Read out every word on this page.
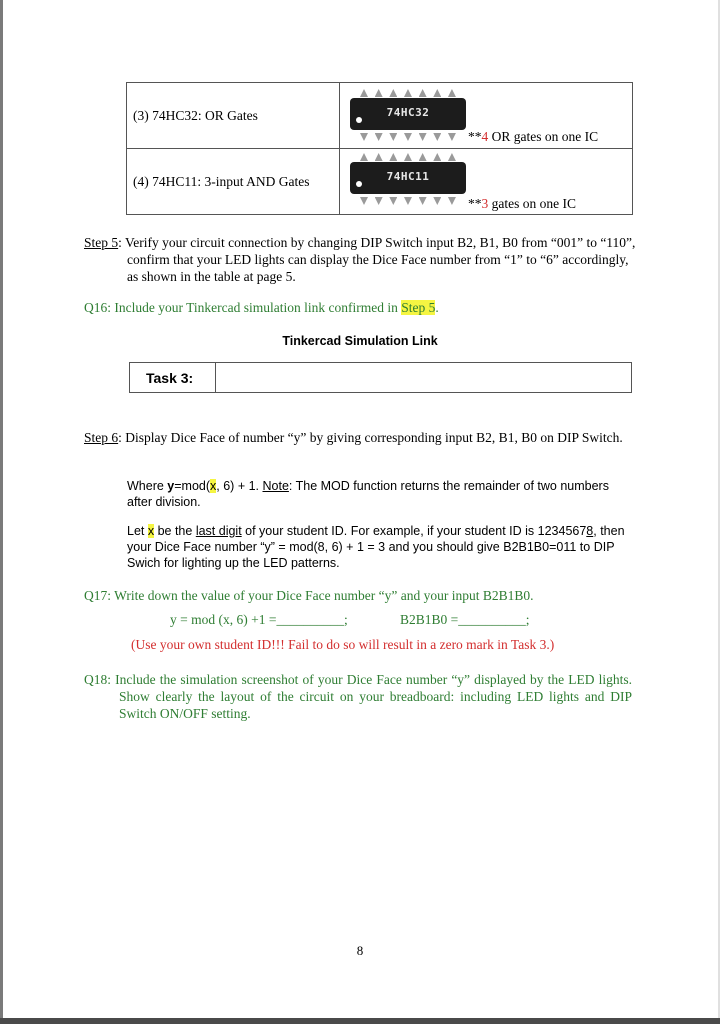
(3) 74HC32: OR Gates	74HC32
**4 OR gates on one IC

(4) 74HC11: 3-input AND Gates	74HC11
**3 gates on one IC
Step 5: Verify your circuit connection by changing DIP Switch input B2, B1, B0 from “001” to “110”, confirm that your LED lights can display the Dice Face number from “1” to “6” accordingly, as shown in the table at page 5.
Q16: Include your Tinkercad simulation link confirmed in Step 5.
Tinkercad Simulation Link
Task 3:
Step 6: Display Dice Face of number “y” by giving corresponding input B2, B1, B0 on DIP Switch.
Where y=mod(x, 6) + 1. Note: The MOD function returns the remainder of two numbers after division.
Let x be the last digit of your student ID. For example, if your student ID is 12345678, then your Dice Face number “y” = mod(8, 6) + 1 = 3 and you should give B2B1B0=011 to DIP Swich for lighting up the LED patterns.
Q17: Write down the value of your Dice Face number “y” and your input B2B1B0.
y = mod (x, 6) +1 =__________;	B2B1B0 =__________;
(Use your own student ID!!! Fail to do so will result in a zero mark in Task 3.)
Q18: Include the simulation screenshot of your Dice Face number “y” displayed by the LED lights. Show clearly the layout of the circuit on your breadboard: including LED lights and DIP Switch ON/OFF setting.
8
